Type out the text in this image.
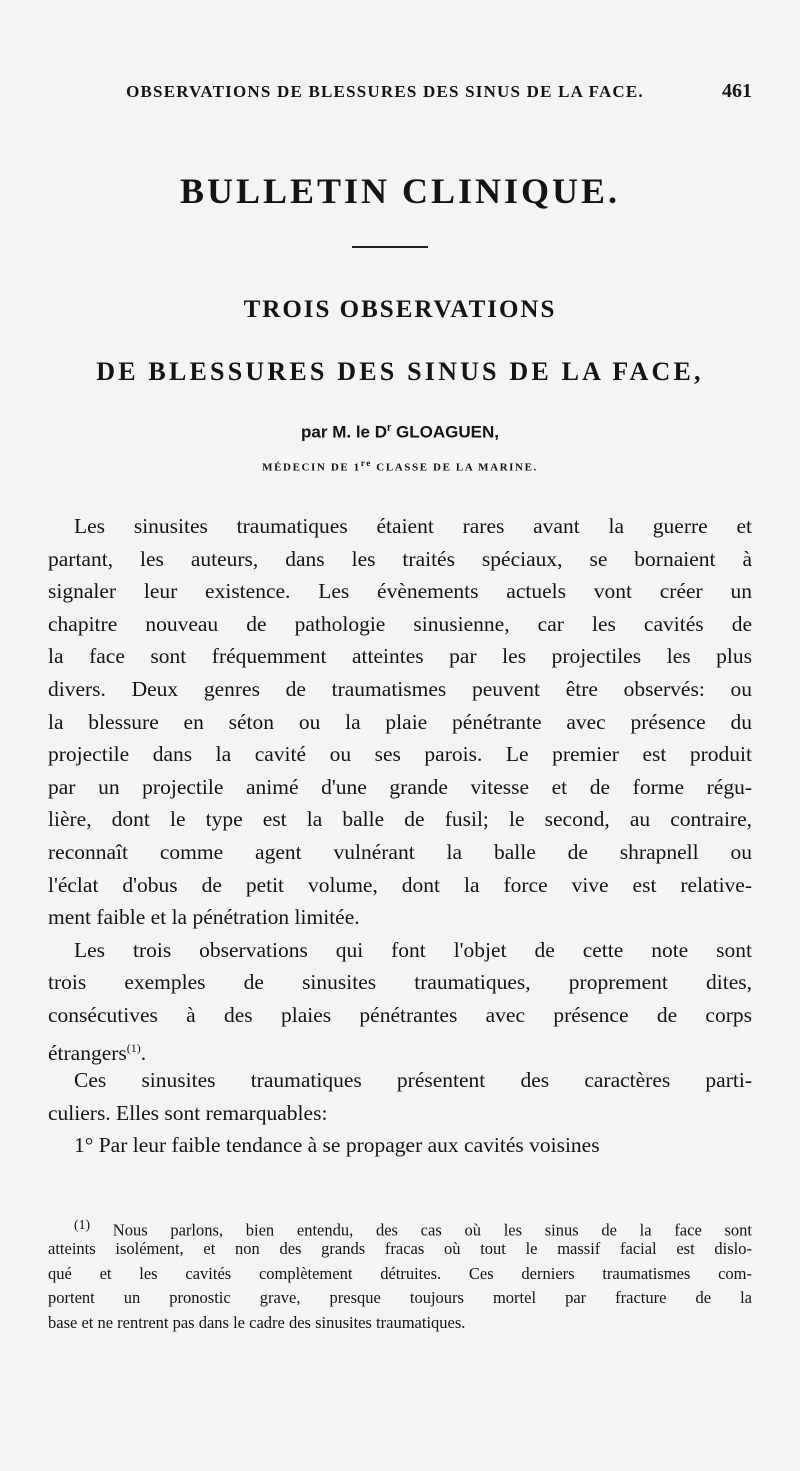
OBSERVATIONS DE BLESSURES DES SINUS DE LA FACE.	461
BULLETIN CLINIQUE.
TROIS OBSERVATIONS
DE BLESSURES DES SINUS DE LA FACE,
par M. le $D^r$ GLOAGUEN,
MÉDECIN DE 1re CLASSE DE LA MARINE.
Les sinusites traumatiques étaient rares avant la guerre et
partant, les auteurs, dans les traités spéciaux, se bornaient à
signaler leur existence. Les évènements actuels vont créer un
chapitre nouveau de pathologie sinusienne, car les cavités de
la face sont fréquemment atteintes par les projectiles les plus
divers. Deux genres de traumatismes peuvent être observés: ou
la blessure en séton ou la plaie pénétrante avec présence du
projectile dans la cavité ou ses parois. Le premier est produit
par un projectile animé d'une grande vitesse et de forme régu-
lière, dont le type est la balle de fusil; le second, au contraire,
reconnaît comme agent vulnérant la balle de shrapnell ou
l'éclat d'obus de petit volume, dont la force vive est relative-
ment faible et la pénétration limitée.
Les trois observations qui font l'objet de cette note sont
trois exemples de sinusites traumatiques, proprement dites,
consécutives à des plaies pénétrantes avec présence de corps
étrangers$^{(1)}$.
Ces sinusites traumatiques présentent des caractères parti-
culiers. Elles sont remarquables:
1° Par leur faible tendance à se propager aux cavités voisines
$^{(1)}$ Nous parlons, bien entendu, des cas où les sinus de la face sont
atteints isolément, et non des grands fracas où tout le massif facial est dislo-
qué et les cavités complètement détruites. Ces derniers traumatismes com-
portent un pronostic grave, presque toujours mortel par fracture de la
base et ne rentrent pas dans le cadre des sinusites traumatiques.
